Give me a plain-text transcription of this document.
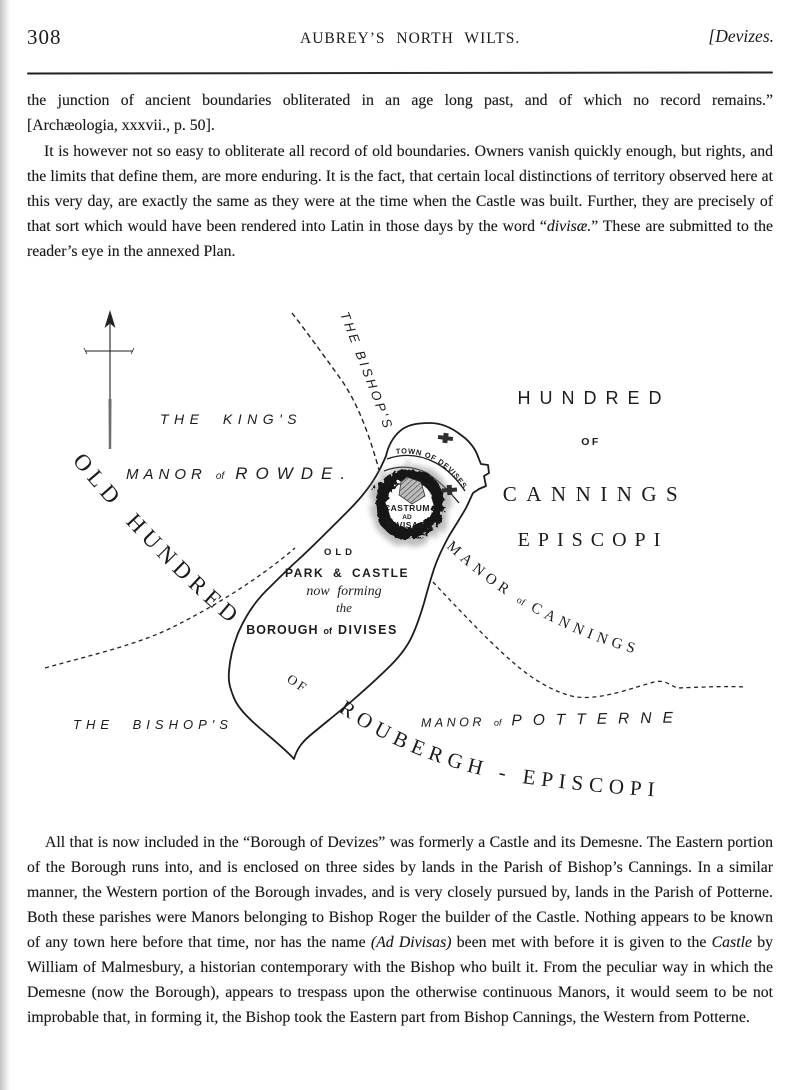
308	AUBREY’S NORTH WILTS.	[Devizes.

the junction of ancient boundaries obliterated in an age long past, and of which no record remains.”
[Archæologia, xxxvii., p. 50].

It is however not so easy to obliterate all record of old boundaries. Owners vanish quickly enough, but rights, and the limits that define them, are more enduring. It is the fact, that certain local distinctions of territory observed here at this very day, are exactly the same as they were at the time when the Castle was built. Further, they are precisely of that sort which would have been rendered into Latin in those days by the word “divisæ.” These are submitted to the reader’s eye in the annexed Plan.

All that is now included in the “Borough of Devizes” was formerly a Castle and its Demesne. The Eastern portion of the Borough runs into, and is enclosed on three sides by lands in the Parish of Bishop’s Cannings. In a similar manner, the Western portion of the Borough invades, and is very closely pursued by, lands in the Parish of Potterne. Both these parishes were Manors belonging to Bishop Roger the builder of the Castle. Nothing appears to be known of any town here before that time, nor has the name (Ad Divisas) been met with before it is given to the Castle by William of Malmesbury, a historian contemporary with the Bishop who built it. From the peculiar way in which the Demesne (now the Borough), appears to trespass upon the otherwise continuous Manors, it would seem to be not improbable that, in forming it, the Bishop took the Eastern part from Bishop Cannings, the Western from Potterne.

THE KING'S
MANOR of ROWDE.
THE BISHOP'S
HUNDRED
OF
CANNINGS
EPISCOPI
OLD HUNDRED
OF
ROUBERGH - EPISCOPI
MANOR ofCANNINGS
TOWN OF DEVISES
CASTRUM
AD
DIVISAS
OLD
PARK & CASTLE
now forming
the
BOROUGH of DIVISES
THE BISHOP'S	MANOR of POTTERNE
